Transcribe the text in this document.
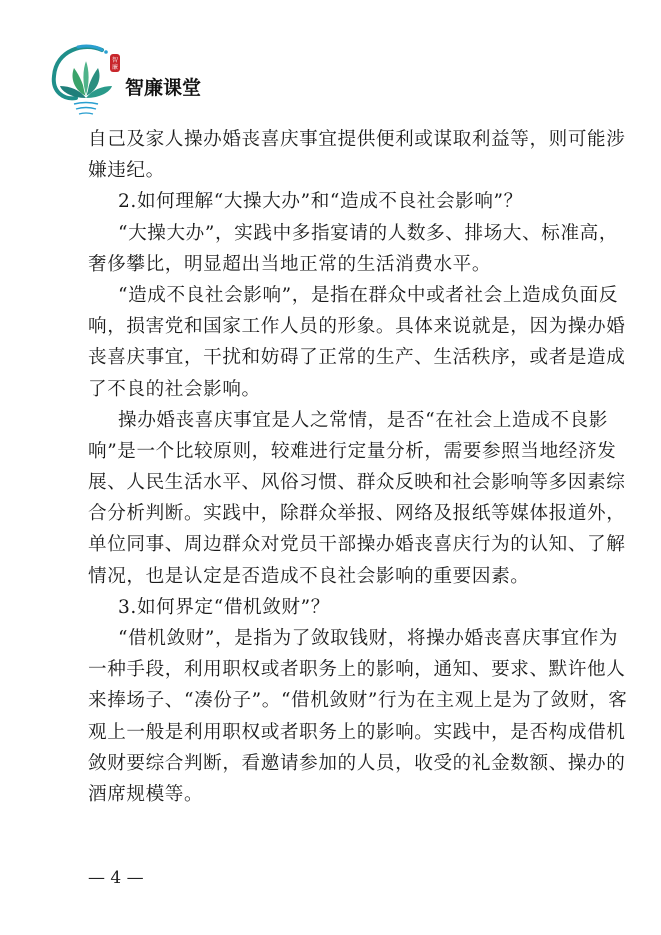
智
廉
智廉课堂
自己及家人操办婚丧喜庆事宜提供便利或谋取利益等，则可能涉
嫌违纪。
2.如何理解“大操大办”和“造成不良社会影响”？
“大操大办”，实践中多指宴请的人数多、排场大、标准高，
奢侈攀比，明显超出当地正常的生活消费水平。
“造成不良社会影响”，是指在群众中或者社会上造成负面反
响，损害党和国家工作人员的形象。具体来说就是，因为操办婚
丧喜庆事宜，干扰和妨碍了正常的生产、生活秩序，或者是造成
了不良的社会影响。
操办婚丧喜庆事宜是人之常情，是否“在社会上造成不良影
响”是一个比较原则，较难进行定量分析，需要参照当地经济发
展、人民生活水平、风俗习惯、群众反映和社会影响等多因素综
合分析判断。实践中，除群众举报、网络及报纸等媒体报道外，
单位同事、周边群众对党员干部操办婚丧喜庆行为的认知、了解
情况，也是认定是否造成不良社会影响的重要因素。
3.如何界定“借机敛财”？
“借机敛财”，是指为了敛取钱财，将操办婚丧喜庆事宜作为
一种手段，利用职权或者职务上的影响，通知、要求、默许他人
来捧场子、“凑份子”。“借机敛财”行为在主观上是为了敛财，客
观上一般是利用职权或者职务上的影响。实践中，是否构成借机
敛财要综合判断，看邀请参加的人员，收受的礼金数额、操办的
酒席规模等。
— 4 —
